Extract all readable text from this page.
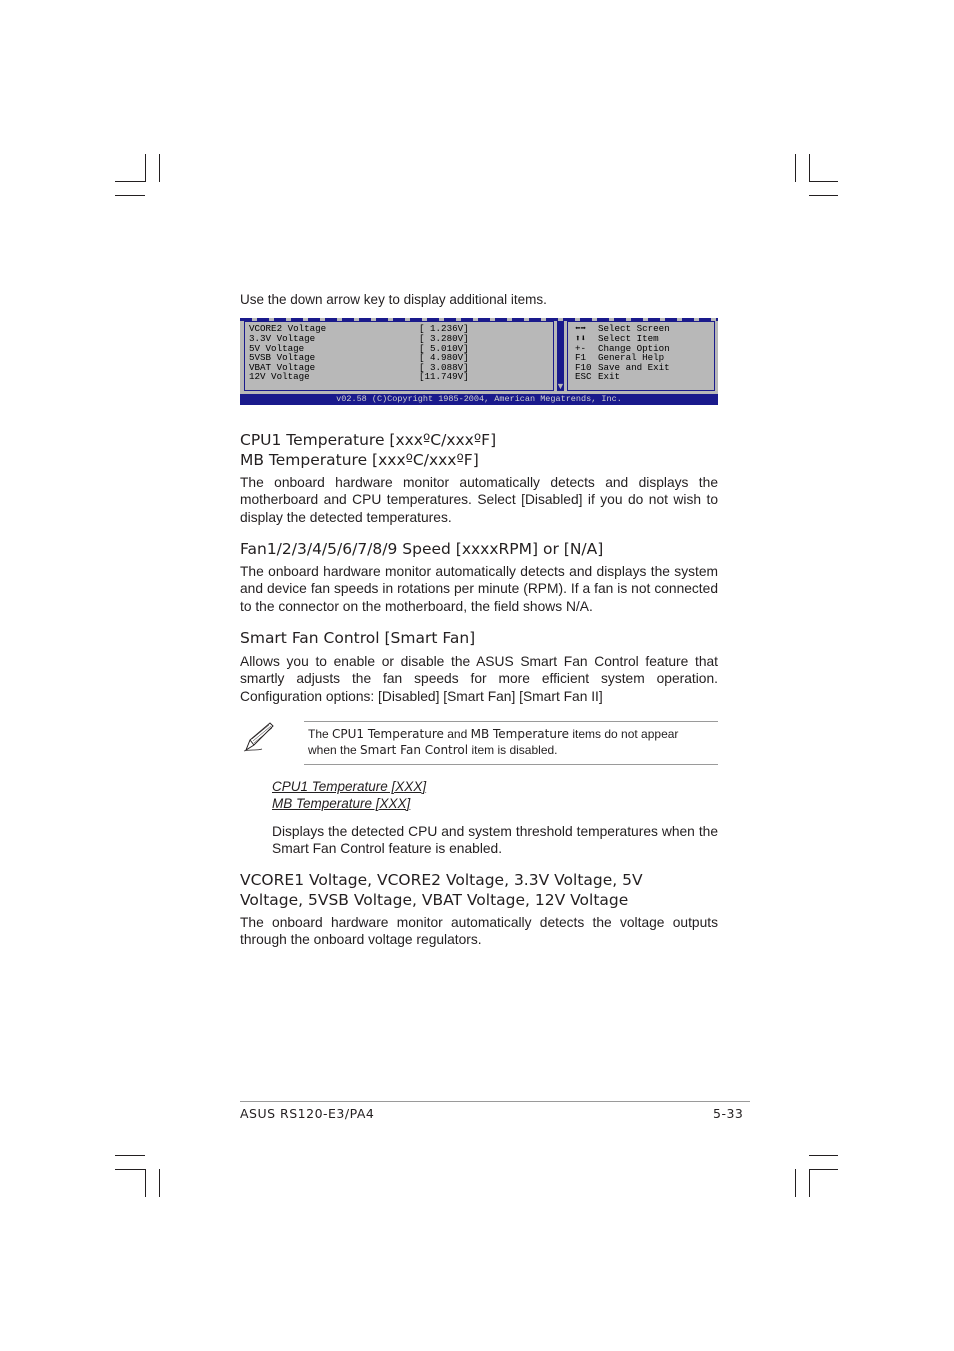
Use the down arrow key to display additional items.
VCORE2 Voltage	[ 1.236V]
3.3V Voltage	[ 3.280V]
5V Voltage	[ 5.010V]
5VSB Voltage	[ 4.980V]
VBAT Voltage	[ 3.088V]
12V Voltage	[11.749V]
▼
⬅➡ Select Screen
⬆⬇ Select Item
+- Change Option
F1 General Help
F10 Save and Exit
ESC Exit
v02.58 (C)Copyright 1985-2004, American Megatrends, Inc.
CPU1 Temperature [xxxºC/xxxºF]
MB Temperature [xxxºC/xxxºF]

The onboard hardware monitor automatically detects and displays the motherboard and CPU temperatures. Select [Disabled] if you do not wish to display the detected temperatures.

Fan1/2/3/4/5/6/7/8/9 Speed [xxxxRPM] or [N/A]

The onboard hardware monitor automatically detects and displays the system and device fan speeds in rotations per minute (RPM). If a fan is not connected to the connector on the motherboard, the field shows N/A.

Smart Fan Control [Smart Fan]

Allows you to enable or disable the ASUS Smart Fan Control feature that smartly adjusts the fan speeds for more efficient system operation. Configuration options: [Disabled] [Smart Fan] [Smart Fan II]

The CPU1 Temperature and MB Temperature items do not appear when the Smart Fan Control item is disabled.
CPU1 Temperature [XXX]
MB Temperature [XXX]

Displays the detected CPU and system threshold temperatures when the Smart Fan Control feature is enabled.

VCORE1 Voltage, VCORE2 Voltage, 3.3V Voltage, 5V
Voltage, 5VSB Voltage, VBAT Voltage, 12V Voltage

The onboard hardware monitor automatically detects the voltage outputs through the onboard voltage regulators.

ASUS RS120-E3/PA4	5-33
